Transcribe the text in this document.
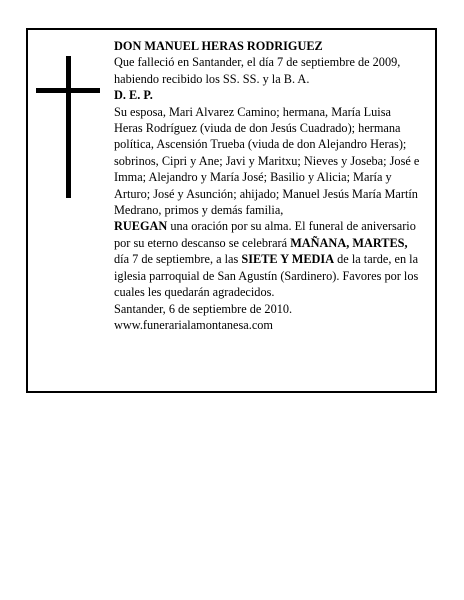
DON MANUEL HERAS RODRIGUEZ

Que falleció en Santander, el día 7 de septiembre de 2009, habiendo recibido los SS. SS. y la B. A.

D. E. P.

Su esposa, Mari Alvarez Camino; hermana, María Luisa Heras Rodríguez (viuda de don Jesús Cuadrado); hermana política, Ascensión Trueba (viuda de don Alejandro Heras); sobrinos, Cipri y Ane; Javi y Maritxu; Nieves y Joseba; José e Imma; Alejandro y María José; Basilio y Alicia; María y Arturo; José y Asunción; ahijado; Manuel Jesús María Martín Medrano, primos y demás familia,

RUEGAN una oración por su alma. El funeral de aniversario por su eterno descanso se celebrará MAÑANA, MARTES, día 7 de septiembre, a las SIETE Y MEDIA de la tarde, en la iglesia parroquial de San Agustín (Sardinero). Favores por los cuales les quedarán agradecidos.

Santander, 6 de septiembre de 2010.

www.funerarialamontanesa.com
